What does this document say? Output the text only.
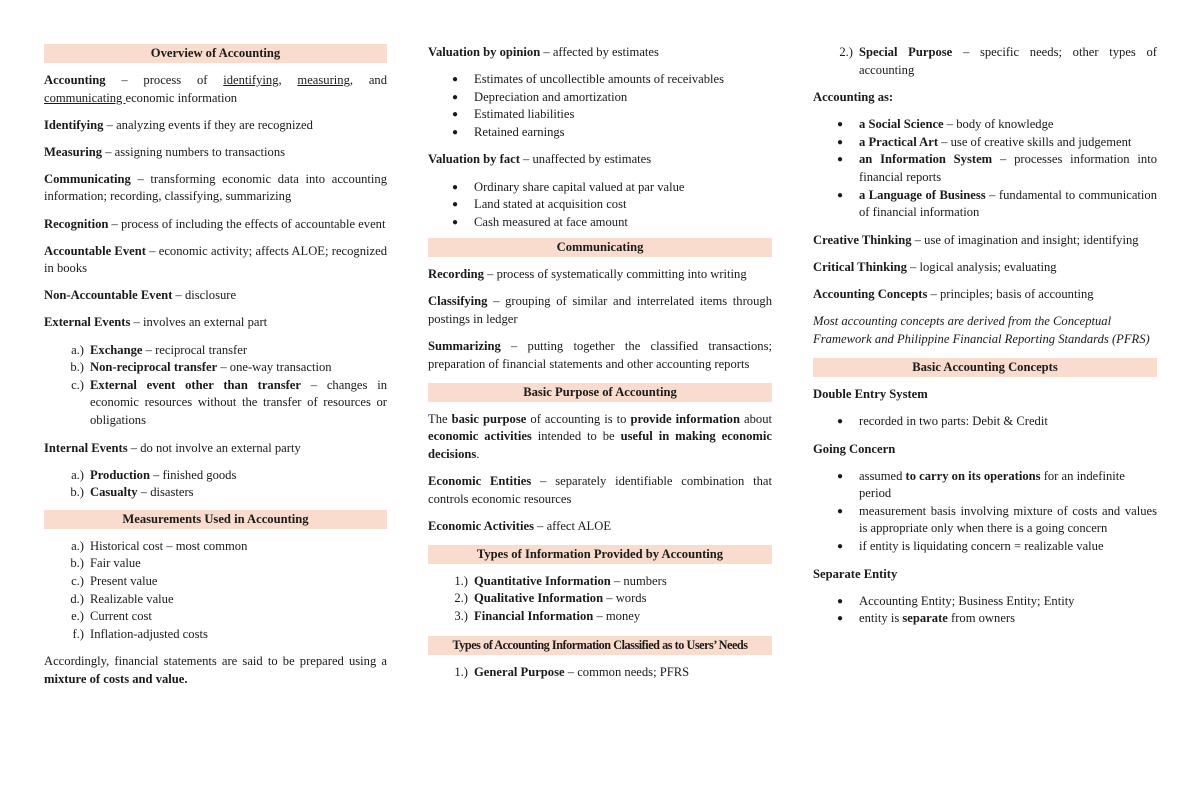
Overview of Accounting

Accounting – process of identifying, measuring, and communicating economic information

Identifying – analyzing events if they are recognized

Measuring – assigning numbers to transactions

Communicating – transforming economic data into accounting information; recording, classifying, summarizing

Recognition – process of including the effects of accountable event

Accountable Event – economic activity; affects ALOE; recognized in books

Non-Accountable Event – disclosure

External Events – involves an external part

a.) Exchange – reciprocal transfer
b.) Non-reciprocal transfer – one-way transaction
c.) External event other than transfer – changes in economic resources without the transfer of resources or obligations

Internal Events – do not involve an external party

a.) Production – finished goods
b.) Casualty – disasters
Measurements Used in Accounting
a.) Historical cost – most common
b.) Fair value
c.) Present value
d.) Realizable value
e.) Current cost
f.) Inflation-adjusted costs

Accordingly, financial statements are said to be prepared using a mixture of costs and value.

Valuation by opinion – affected by estimates

● Estimates of uncollectible amounts of receivables
● Depreciation and amortization
● Estimated liabilities
● Retained earnings

Valuation by fact – unaffected by estimates

● Ordinary share capital valued at par value
● Land stated at acquisition cost
● Cash measured at face amount
Communicating

Recording – process of systematically committing into writing

Classifying – grouping of similar and interrelated items through postings in ledger

Summarizing – putting together the classified transactions; preparation of financial statements and other accounting reports

Basic Purpose of Accounting

The basic purpose of accounting is to provide information about economic activities intended to be useful in making economic decisions.

Economic Entities – separately identifiable combination that controls economic resources

Economic Activities – affect ALOE

Types of Information Provided by Accounting
1.) Quantitative Information – numbers
2.) Qualitative Information – words
3.) Financial Information – money
Types of Accounting Information Classified as to Users’ Needs
1.) General Purpose – common needs; PFRS
2.) Special Purpose – specific needs; other types of accounting

Accounting as:

● a Social Science – body of knowledge
● a Practical Art – use of creative skills and judgement
● an Information System – processes information into financial reports
● a Language of Business – fundamental to communication of financial information

Creative Thinking – use of imagination and insight; identifying

Critical Thinking – logical analysis; evaluating

Accounting Concepts – principles; basis of accounting

Most accounting concepts are derived from the Conceptual Framework and Philippine Financial Reporting Standards (PFRS)

Basic Accounting Concepts

Double Entry System

● recorded in two parts: Debit & Credit

Going Concern

● assumed to carry on its operations for an indefinite period
● measurement basis involving mixture of costs and values is appropriate only when there is a going concern
● if entity is liquidating concern = realizable value

Separate Entity

● Accounting Entity; Business Entity; Entity
● entity is separate from owners
